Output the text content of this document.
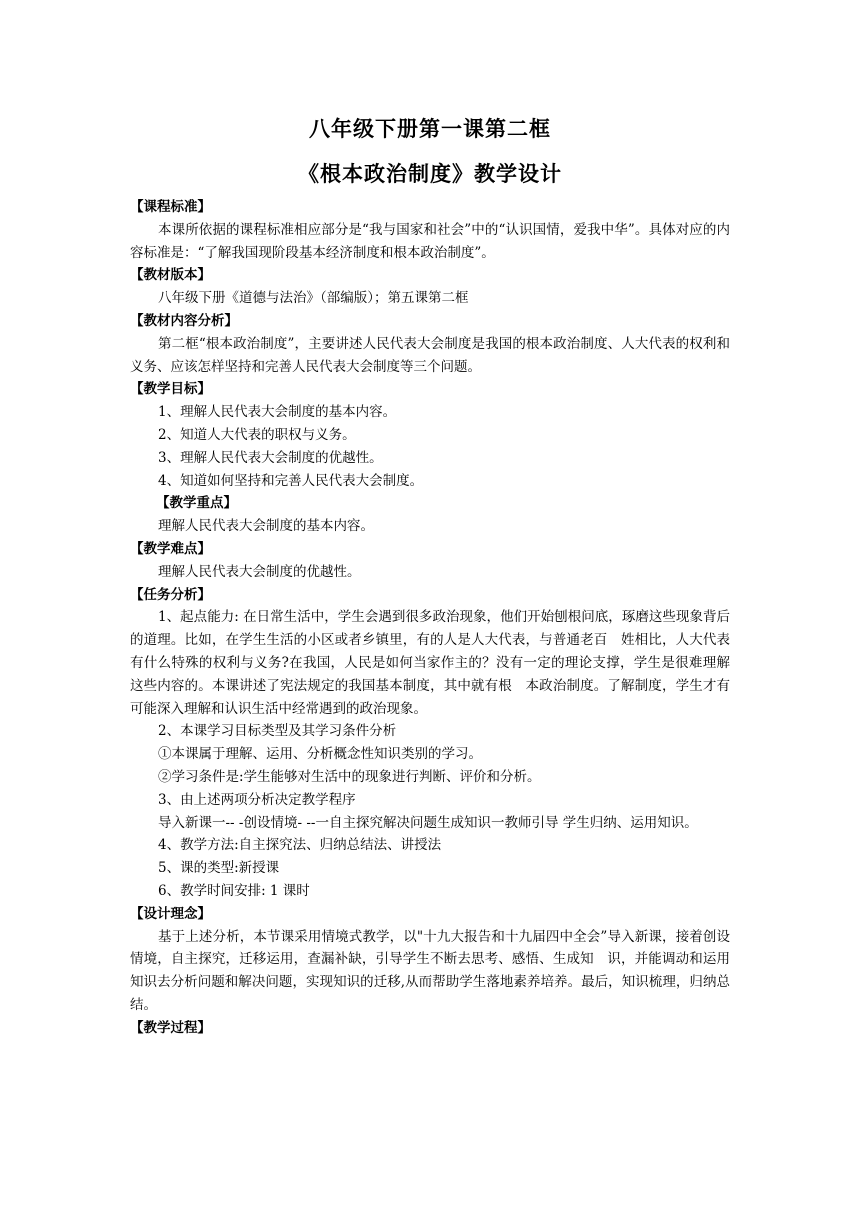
八年级下册第一课第二框
《根本政治制度》教学设计
【课程标准】

本课所依据的课程标准相应部分是“我与国家和社会”中的“认识国情，爱我中华”。具体对应的内容标准是：“了解我国现阶段基本经济制度和根本政治制度”。

【教材版本】
八年级下册《道德与法治》（部编版）；第五课第二框
【教材内容分析】

第二框“根本政治制度”，主要讲述人民代表大会制度是我国的根本政治制度、人大代表的权利和义务、应该怎样坚持和完善人民代表大会制度等三个问题。

【教学目标】
1、理解人民代表大会制度的基本内容。
2、知道人大代表的职权与义务。
3、理解人民代表大会制度的优越性。
4、知道如何坚持和完善人民代表大会制度。
【教学重点】
理解人民代表大会制度的基本内容。
【教学难点】
理解人民代表大会制度的优越性。
【任务分析】

1、起点能力: 在日常生活中，学生会遇到很多政治现象，他们开始刨根问底，琢磨这些现象背后的道理。比如，在学生生活的小区或者乡镇里，有的人是人大代表，与普通老百　姓相比，人大代表有什么特殊的权利与义务?在我国，人民是如何当家作主的？没有一定的理论支撑，学生是很难理解这些内容的。本课讲述了宪法规定的我国基本制度，其中就有根　本政治制度。了解制度，学生才有可能深入理解和认识生活中经常遇到的政治现象。

2、本课学习目标类型及其学习条件分析
①本课属于理解、运用、分析概念性知识类别的学习。
②学习条件是:学生能够对生活中的现象进行判断、评价和分析。
3、由上述两项分析决定教学程序

导入新课一-- -创设情境- --一自主探究解决问题生成知识一教师引导 学生归纳、运用知识。

4、教学方法:自主探究法、归纳总结法、讲授法
5、课的类型:新授课
6、教学时间安排: 1 课时
【设计理念】

基于上述分析，本节课采用情境式教学，以"十九大报告和十九届四中全会”导入新课，接着创设情境，自主探究，迁移运用，查漏补缺，引导学生不断去思考、感悟、生成知　识，并能调动和运用知识去分析问题和解决问题，实现知识的迁移,从而帮助学生落地素养培养。最后，知识梳理，归纳总结。

【教学过程】
